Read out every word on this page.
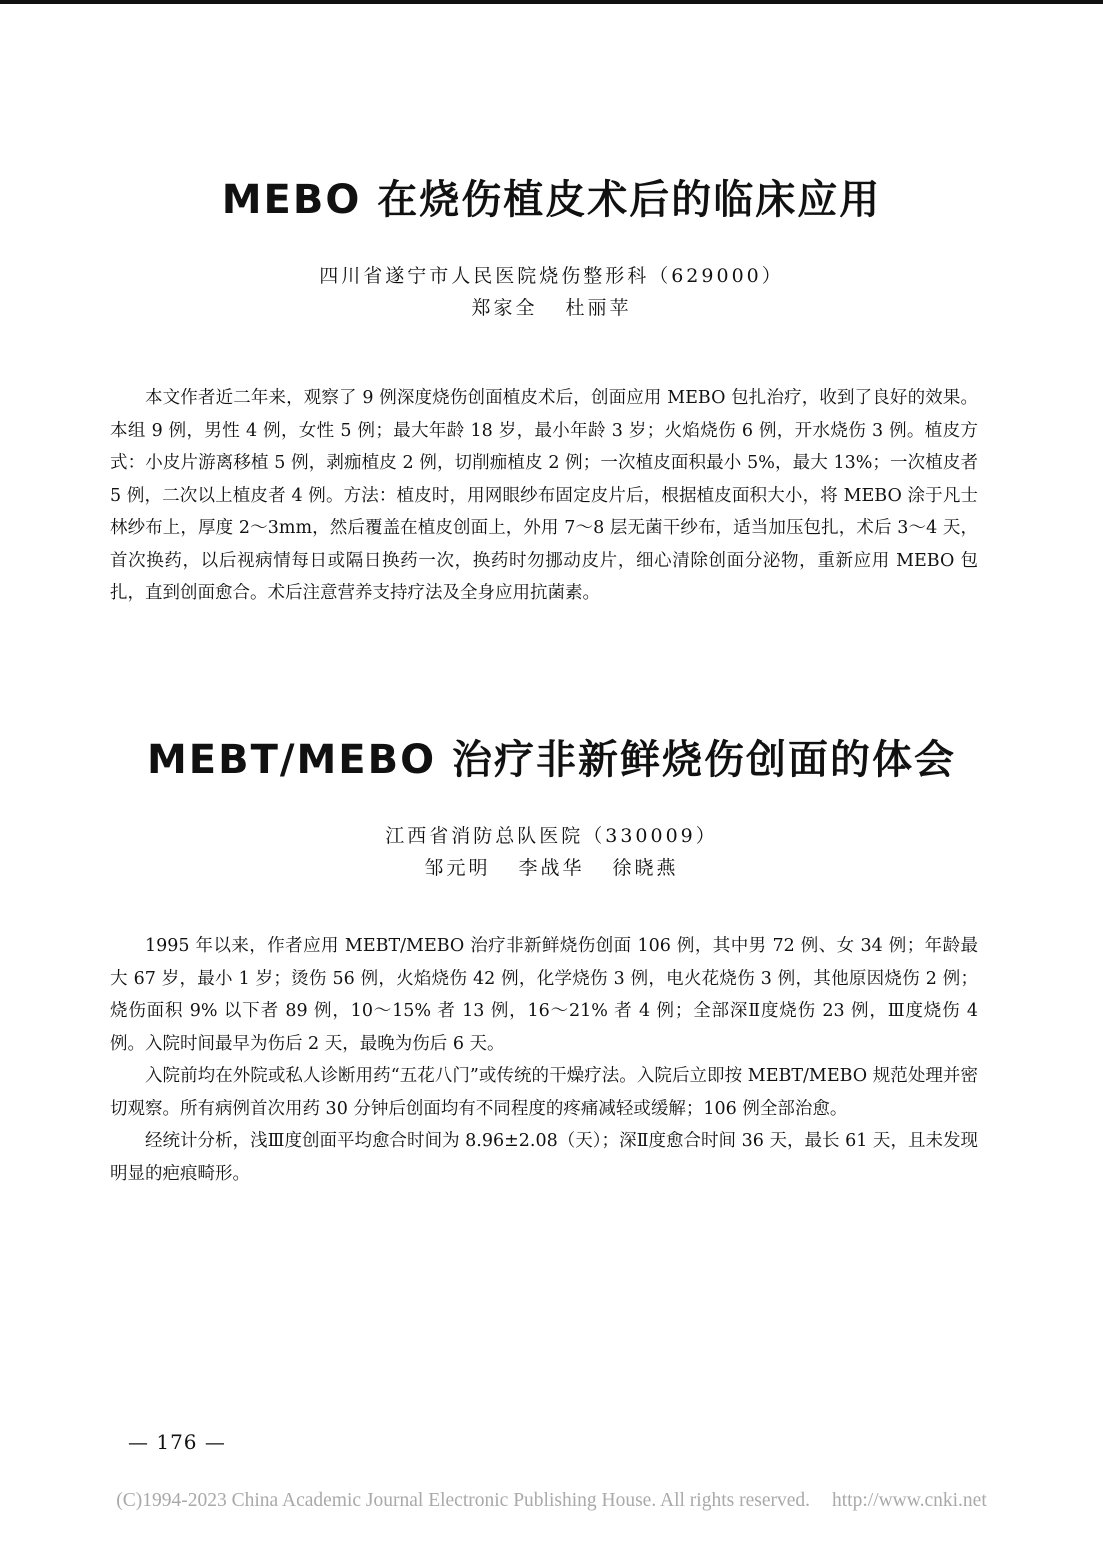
MEBO 在烧伤植皮术后的临床应用
四川省遂宁市人民医院烧伤整形科（629000）
郑家全 杜丽苹

本文作者近二年来，观察了 9 例深度烧伤创面植皮术后，创面应用 MEBO 包扎治疗，收到了良好的效果。本组 9 例，男性 4 例，女性 5 例；最大年龄 18 岁，最小年龄 3 岁；火焰烧伤 6 例，开水烧伤 3 例。植皮方式：小皮片游离移植 5 例，剥痂植皮 2 例，切削痂植皮 2 例；一次植皮面积最小 5%，最大 13%；一次植皮者 5 例，二次以上植皮者 4 例。方法：植皮时，用网眼纱布固定皮片后，根据植皮面积大小，将 MEBO 涂于凡士林纱布上，厚度 2～3mm，然后覆盖在植皮创面上，外用 7～8 层无菌干纱布，适当加压包扎，术后 3～4 天，首次换药，以后视病情每日或隔日换药一次，换药时勿挪动皮片，细心清除创面分泌物，重新应用 MEBO 包扎，直到创面愈合。术后注意营养支持疗法及全身应用抗菌素。

MEBT/MEBO 治疗非新鲜烧伤创面的体会
江西省消防总队医院（330009）
邹元明 李战华 徐晓燕

1995 年以来，作者应用 MEBT/MEBO 治疗非新鲜烧伤创面 106 例，其中男 72 例、女 34 例；年龄最大 67 岁，最小 1 岁；烫伤 56 例，火焰烧伤 42 例，化学烧伤 3 例，电火花烧伤 3 例，其他原因烧伤 2 例；烧伤面积 9% 以下者 89 例，10～15% 者 13 例，16～21% 者 4 例；全部深Ⅱ度烧伤 23 例，Ⅲ度烧伤 4 例。入院时间最早为伤后 2 天，最晚为伤后 6 天。

入院前均在外院或私人诊断用药“五花八门”或传统的干燥疗法。入院后立即按 MEBT/MEBO 规范处理并密切观察。所有病例首次用药 30 分钟后创面均有不同程度的疼痛减轻或缓解；106 例全部治愈。

经统计分析，浅Ⅲ度创面平均愈合时间为 8.96±2.08（天）；深Ⅱ度愈合时间 36 天，最长 61 天，且未发现明显的疤痕畸形。

— 176 —
(C)1994-2023 China Academic Journal Electronic Publishing House. All rights reserved. http://www.cnki.net
